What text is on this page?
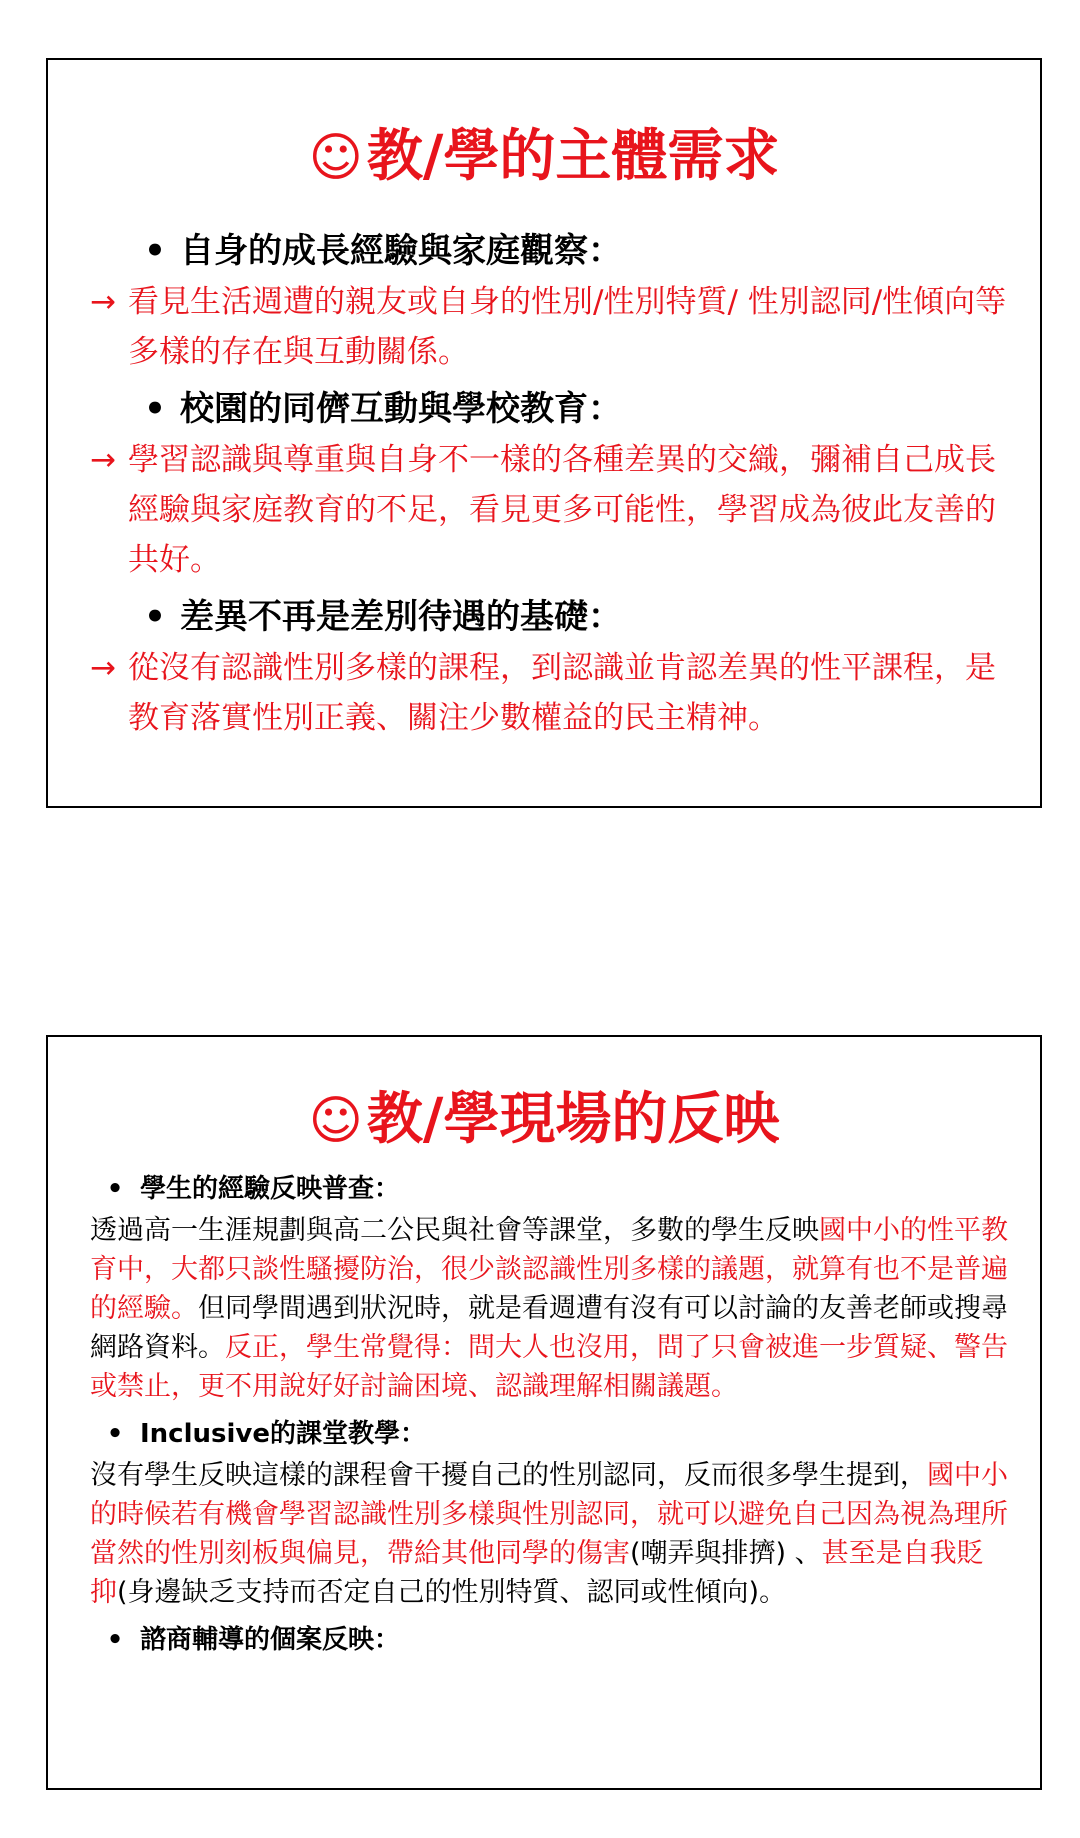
☺教/學的主體需求
• 自身的成長經驗與家庭觀察：
→ 看見生活週遭的親友或自身的性別/性別特質/ 性別認同/性傾向等多樣的存在與互動關係。
• 校園的同儕互動與學校教育：
→ 學習認識與尊重與自身不一樣的各種差異的交織，彌補自己成長經驗與家庭教育的不足，看見更多可能性，學習成為彼此友善的共好。
• 差異不再是差別待遇的基礎：
→ 從沒有認識性別多樣的課程，到認識並肯認差異的性平課程，是教育落實性別正義、關注少數權益的民主精神。
☺教/學現場的反映
• 學生的經驗反映普查：

透過高一生涯規劃與高二公民與社會等課堂，多數的學生反映國中小的性平教育中，大都只談性騷擾防治，很少談認識性別多樣的議題，就算有也不是普遍的經驗。但同學間遇到狀況時，就是看週遭有沒有可以討論的友善老師或搜尋網路資料。反正，學生常覺得：問大人也沒用，問了只會被進一步質疑、警告或禁止，更不用說好好討論困境、認識理解相關議題。

• Inclusive的課堂教學：

沒有學生反映這樣的課程會干擾自己的性別認同，反而很多學生提到，國中小的時候若有機會學習認識性別多樣與性別認同，就可以避免自己因為視為理所當然的性別刻板與偏見，帶給其他同學的傷害(嘲弄與排擠) 、甚至是自我貶抑(身邊缺乏支持而否定自己的性別特質、認同或性傾向)。

• 諮商輔導的個案反映：
